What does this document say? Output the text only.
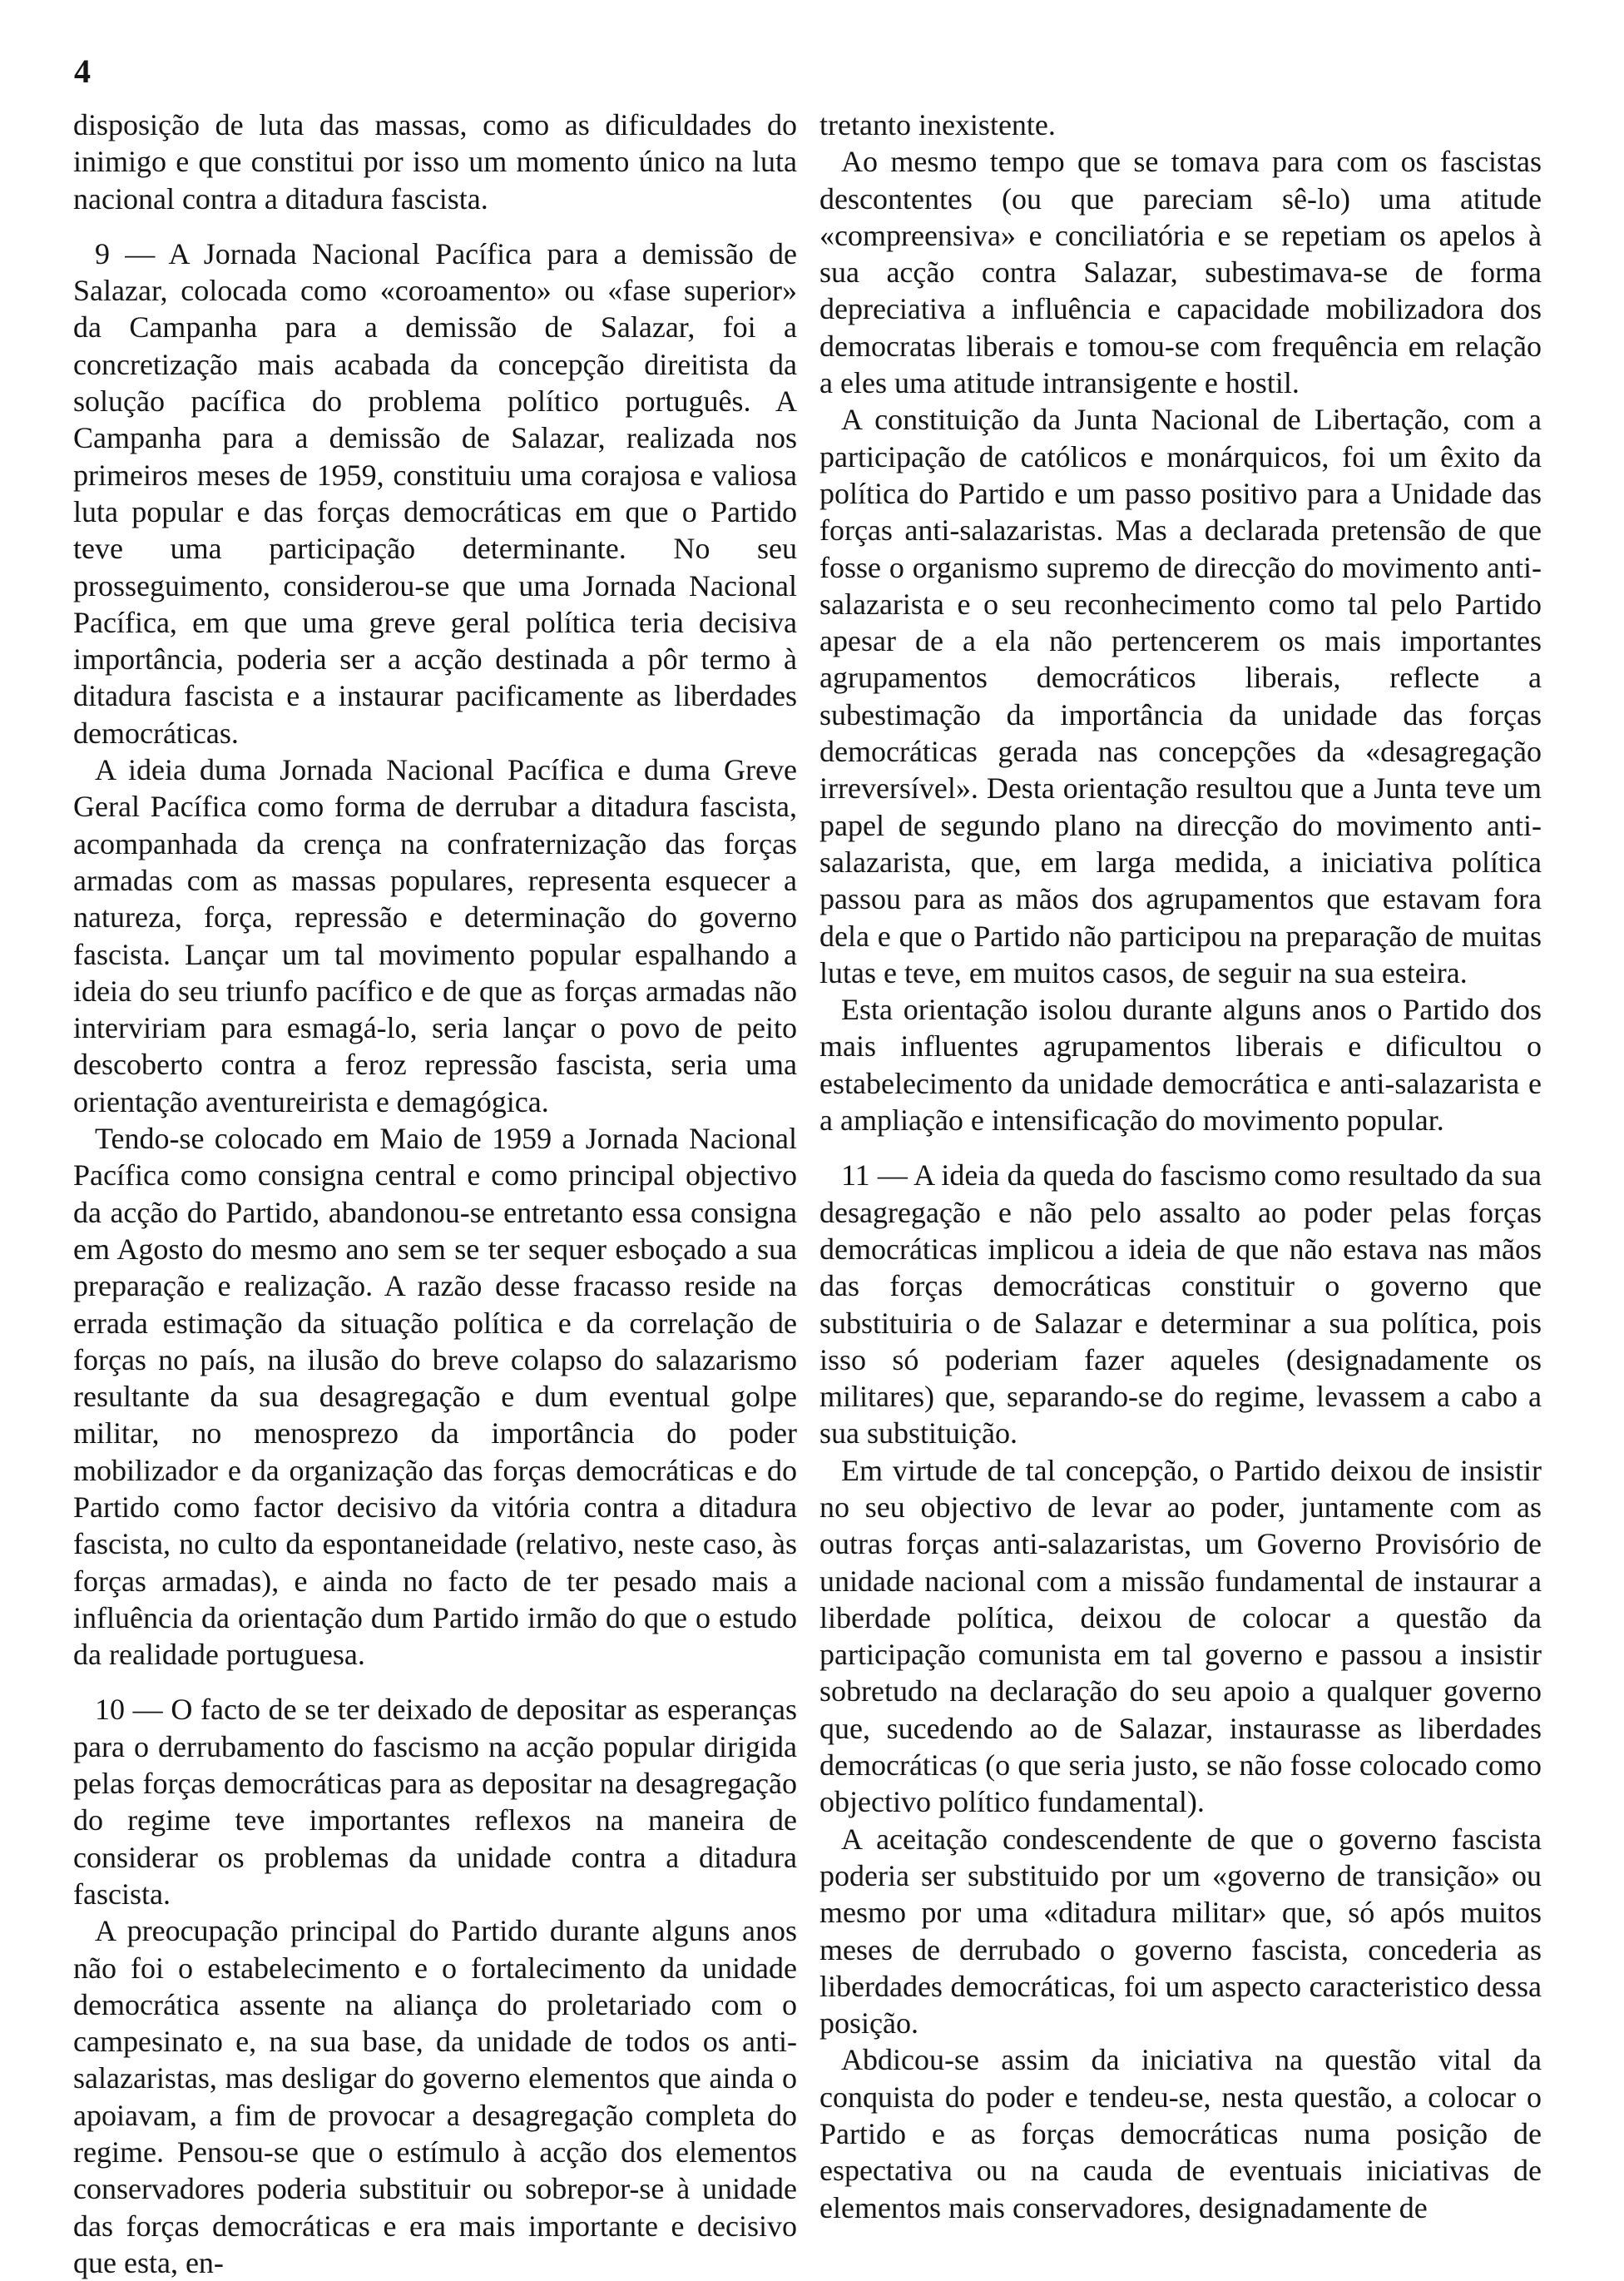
4

disposição de luta das massas, como as dificuldades do inimigo e que constitui por isso um momento único na luta nacional contra a ditadura fascista.

9 — A Jornada Nacional Pacífica para a demissão de Salazar, colocada como «coroamento» ou «fase superior» da Campanha para a demissão de Salazar, foi a concretização mais acabada da concepção direitista da solução pacífica do problema político português. A Campanha para a demissão de Salazar, realizada nos primeiros meses de 1959, constituiu uma corajosa e valiosa luta popular e das forças democráticas em que o Partido teve uma participação determinante. No seu prosseguimento, considerou-se que uma Jornada Nacional Pacífica, em que uma greve geral política teria decisiva importância, poderia ser a acção destinada a pôr termo à ditadura fascista e a instaurar pacificamente as liberdades democráticas.

A ideia duma Jornada Nacional Pacífica e duma Greve Geral Pacífica como forma de derrubar a ditadura fascista, acompanhada da crença na confraternização das forças armadas com as massas populares, representa esquecer a natureza, força, repressão e determinação do governo fascista. Lançar um tal movimento popular espalhando a ideia do seu triunfo pacífico e de que as forças armadas não interviriam para esmagá-lo, seria lançar o povo de peito descoberto contra a feroz repressão fascista, seria uma orientação aventureirista e demagógica.

Tendo-se colocado em Maio de 1959 a Jornada Nacional Pacífica como consigna central e como principal objectivo da acção do Partido, abandonou-se entretanto essa consigna em Agosto do mesmo ano sem se ter sequer esboçado a sua preparação e realização. A razão desse fracasso reside na errada estimação da situação política e da correlação de forças no país, na ilusão do breve colapso do salazarismo resultante da sua desagregação e dum eventual golpe militar, no menosprezo da importância do poder mobilizador e da organização das forças democráticas e do Partido como factor decisivo da vitória contra a ditadura fascista, no culto da espontaneidade (relativo, neste caso, às forças armadas), e ainda no facto de ter pesado mais a influência da orientação dum Partido irmão do que o estudo da realidade portuguesa.

10 — O facto de se ter deixado de depositar as esperanças para o derrubamento do fascismo na acção popular dirigida pelas forças democráticas para as depositar na desagregação do regime teve importantes reflexos na maneira de considerar os problemas da unidade contra a ditadura fascista.

A preocupação principal do Partido durante alguns anos não foi o estabelecimento e o fortalecimento da unidade democrática assente na aliança do proletariado com o campesinato e, na sua base, da unidade de todos os anti-salazaristas, mas desligar do governo elementos que ainda o apoiavam, a fim de provocar a desagregação completa do regime. Pensou-se que o estímulo à acção dos elementos conservadores poderia substituir ou sobrepor-se à unidade das forças democráticas e era mais importante e decisivo que esta, en-

tretanto inexistente.

Ao mesmo tempo que se tomava para com os fascistas descontentes (ou que pareciam sê-lo) uma atitude «compreensiva» e conciliatória e se repetiam os apelos à sua acção contra Salazar, subestimava-se de forma depreciativa a influência e capacidade mobilizadora dos democratas liberais e tomou-se com frequência em relação a eles uma atitude intransigente e hostil.

A constituição da Junta Nacional de Libertação, com a participação de católicos e monárquicos, foi um êxito da política do Partido e um passo positivo para a Unidade das forças anti-salazaristas. Mas a declarada pretensão de que fosse o organismo supremo de direcção do movimento anti-salazarista e o seu reconhecimento como tal pelo Partido apesar de a ela não pertencerem os mais importantes agrupamentos democráticos liberais, reflecte a subestimação da importância da unidade das forças democráticas gerada nas concepções da «desagregação irreversível». Desta orientação resultou que a Junta teve um papel de segundo plano na direcção do movimento anti-salazarista, que, em larga medida, a iniciativa política passou para as mãos dos agrupamentos que estavam fora dela e que o Partido não participou na preparação de muitas lutas e teve, em muitos casos, de seguir na sua esteira.

Esta orientação isolou durante alguns anos o Partido dos mais influentes agrupamentos liberais e dificultou o estabelecimento da unidade democrática e anti-salazarista e a ampliação e intensificação do movimento popular.

11 — A ideia da queda do fascismo como resultado da sua desagregação e não pelo assalto ao poder pelas forças democráticas implicou a ideia de que não estava nas mãos das forças democráticas constituir o governo que substituiria o de Salazar e determinar a sua política, pois isso só poderiam fazer aqueles (designadamente os militares) que, separando-se do regime, levassem a cabo a sua substituição.

Em virtude de tal concepção, o Partido deixou de insistir no seu objectivo de levar ao poder, juntamente com as outras forças anti-salazaristas, um Governo Provisório de unidade nacional com a missão fundamental de instaurar a liberdade política, deixou de colocar a questão da participação comunista em tal governo e passou a insistir sobretudo na declaração do seu apoio a qualquer governo que, sucedendo ao de Salazar, instaurasse as liberdades democráticas (o que seria justo, se não fosse colocado como objectivo político fundamental).

A aceitação condescendente de que o governo fascista poderia ser substituido por um «governo de transição» ou mesmo por uma «ditadura militar» que, só após muitos meses de derrubado o governo fascista, concederia as liberdades democráticas, foi um aspecto caracteristico dessa posição.

Abdicou-se assim da iniciativa na questão vital da conquista do poder e tendeu-se, nesta questão, a colocar o Partido e as forças democráticas numa posição de espectativa ou na cauda de eventuais iniciativas de elementos mais conservadores, designadamente de
